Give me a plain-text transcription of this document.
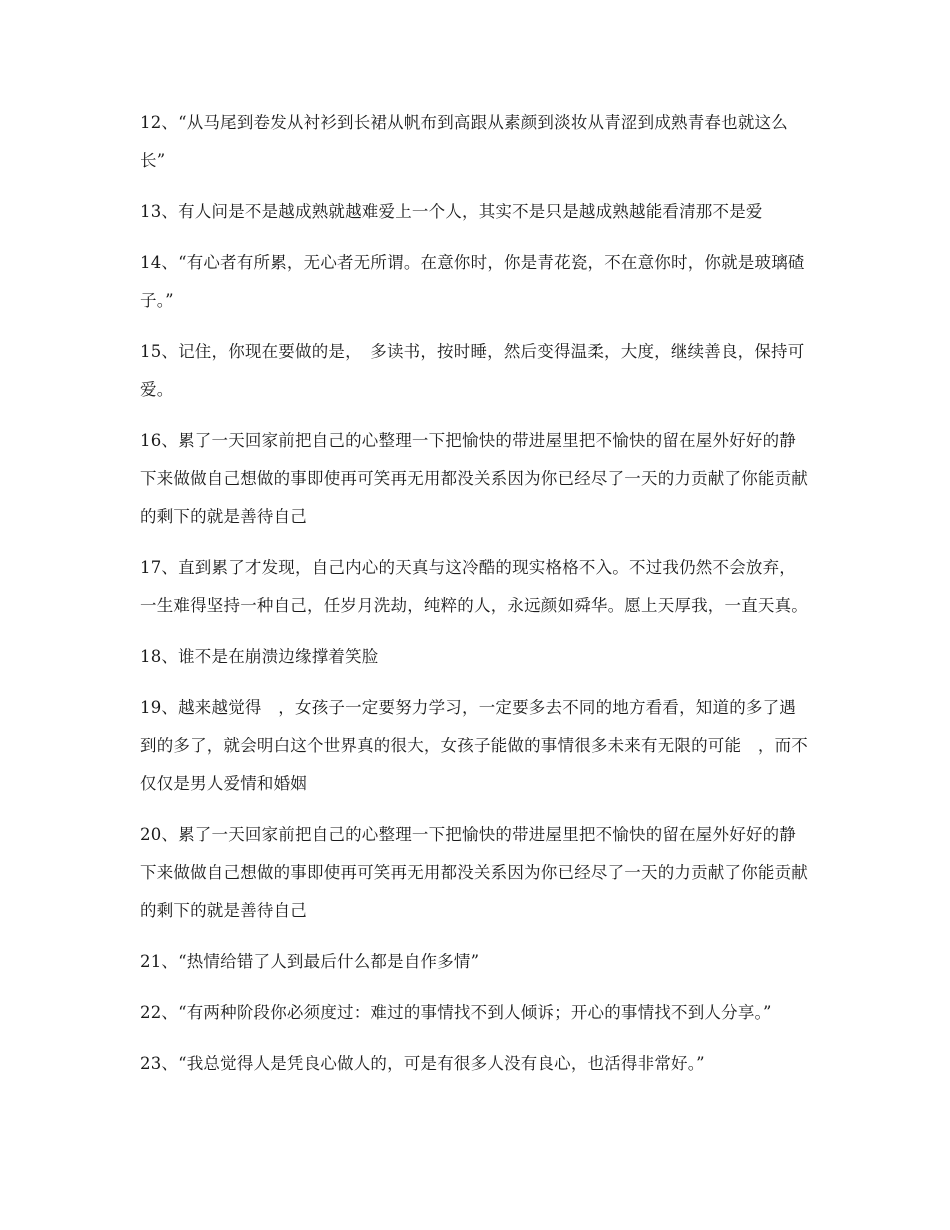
12、“从马尾到卷发从衬衫到长裙从帆布到高跟从素颜到淡妆从青涩到成熟青春也就这么长”

13、有人问是不是越成熟就越难爱上一个人，其实不是只是越成熟越能看清那不是爱

14、“有心者有所累，无心者无所谓。在意你时，你是青花瓷，不在意你时，你就是玻璃碴子。”

15、记住，你现在要做的是，　多读书，按时睡，然后变得温柔，大度，继续善良，保持可爱。

16、累了一天回家前把自己的心整理一下把愉快的带进屋里把不愉快的留在屋外好好的静下来做做自己想做的事即使再可笑再无用都没关系因为你已经尽了一天的力贡献了你能贡献的剩下的就是善待自己

17、直到累了才发现，自己内心的天真与这冷酷的现实格格不入。不过我仍然不会放弃，一生难得坚持一种自己，任岁月洗劫，纯粹的人，永远颜如舜华。愿上天厚我，一直天真。

18、谁不是在崩溃边缘撑着笑脸

19、越来越觉得　，女孩子一定要努力学习，一定要多去不同的地方看看，知道的多了遇到的多了，就会明白这个世界真的很大，女孩子能做的事情很多未来有无限的可能　，而不仅仅是男人爱情和婚姻

20、累了一天回家前把自己的心整理一下把愉快的带进屋里把不愉快的留在屋外好好的静下来做做自己想做的事即使再可笑再无用都没关系因为你已经尽了一天的力贡献了你能贡献的剩下的就是善待自己

21、“热情给错了人到最后什么都是自作多情”

22、“有两种阶段你必须度过：难过的事情找不到人倾诉；开心的事情找不到人分享。”

23、“我总觉得人是凭良心做人的，可是有很多人没有良心，也活得非常好。”
